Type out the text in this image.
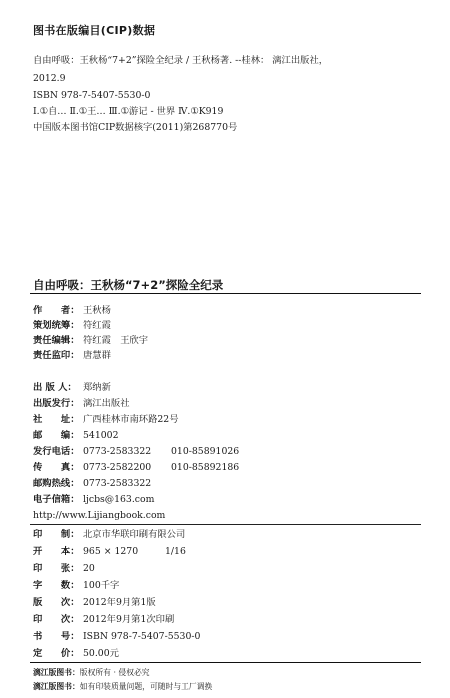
图书在版编目(CIP)数据
自由呼吸：王秋杨“7+2”探险全纪录 / 王秋杨著. --桂林： 漓江出版社，
2012.9
ISBN 978-7-5407-5530-0
Ⅰ.①自… Ⅱ.①王… Ⅲ.①游记 - 世界 Ⅳ.①K919
中国版本图书馆CIP数据核字(2011)第268770号
自由呼吸：王秋杨“7+2”探险全纪录
作　　者： 王秋杨
策划统筹： 符红霞
责任编辑： 符红霞　王欣宇
责任监印： 唐慧群
出 版 人： 郑纳新
出版发行： 漓江出版社
社　　址： 广西桂林市南环路22号
邮　　编： 541002
发行电话： 0773-2583322 010-85891026
传　　真： 0773-2582200 010-85892186
邮购热线： 0773-2583322
电子信箱： ljcbs@163.com
http://www.Lijiangbook.com
印　　制： 北京市华联印刷有限公司
开　　本： 965 × 1270	1/16
印　　张： 20
字　　数： 100千字
版　　次： 2012年9月第1版
印　　次： 2012年9月第1次印刷
书　　号： ISBN 978-7-5407-5530-0
定　　价： 50.00元
漓江版图书：版权所有 · 侵权必究
漓江版图书：如有印装质量问题，可随时与工厂调换
